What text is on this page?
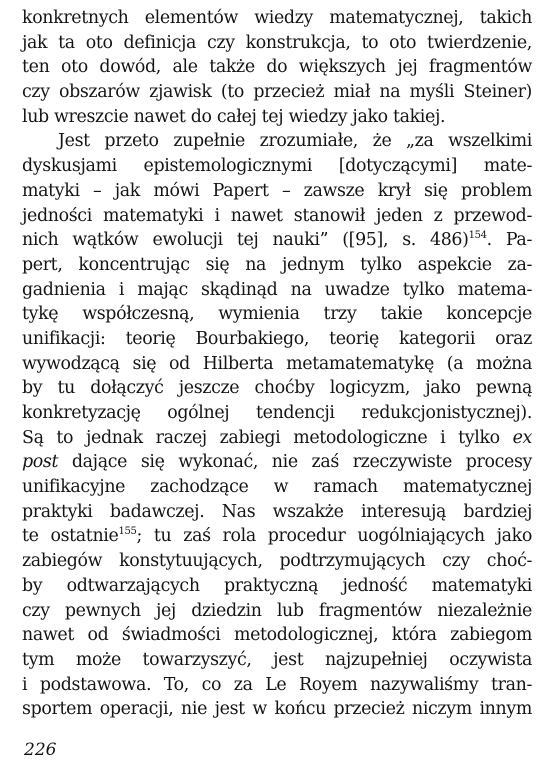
konkretnych elementów wiedzy matematycznej, takich
jak ta oto definicja czy konstrukcja, to oto twierdzenie,
ten oto dowód, ale także do większych jej fragmentów
czy obszarów zjawisk (to przecież miał na myśli Steiner)
lub wreszcie nawet do całej tej wiedzy jako takiej.
Jest przeto zupełnie zrozumiałe, że „za wszelkimi
dyskusjami epistemologicznymi [dotyczącymi] mate-
matyki – jak mówi Papert – zawsze krył się problem
jedności matematyki i nawet stanowił jeden z przewod-
nich wątków ewolucji tej nauki” ([95], s. 486)$^{154}$. Pa-
pert, koncentrując się na jednym tylko aspekcie za-
gadnienia i mając skądinąd na uwadze tylko matema-
tykę współczesną, wymienia trzy takie koncepcje
unifikacji: teorię Bourbakiego, teorię kategorii oraz
wywodzącą się od Hilberta metamatematykę (a można
by tu dołączyć jeszcze choćby logicyzm, jako pewną
konkretyzację ogólnej tendencji redukcjonistycznej).
Są to jednak raczej zabiegi metodologiczne i tylko ex
post dające się wykonać, nie zaś rzeczywiste procesy
unifikacyjne zachodzące w ramach matematycznej
praktyki badawczej. Nas wszakże interesują bardziej
te ostatnie$^{155}$; tu zaś rola procedur uogólniających jako
zabiegów konstytuujących, podtrzymujących czy choć-
by odtwarzających praktyczną jedność matematyki
czy pewnych jej dziedzin lub fragmentów niezależnie
nawet od świadmości metodologicznej, która zabiegom
tym może towarzyszyć, jest najzupełniej oczywista
i podstawowa. To, co za Le Royem nazywaliśmy tran-
sportem operacji, nie jest w końcu przecież niczym innym
226
